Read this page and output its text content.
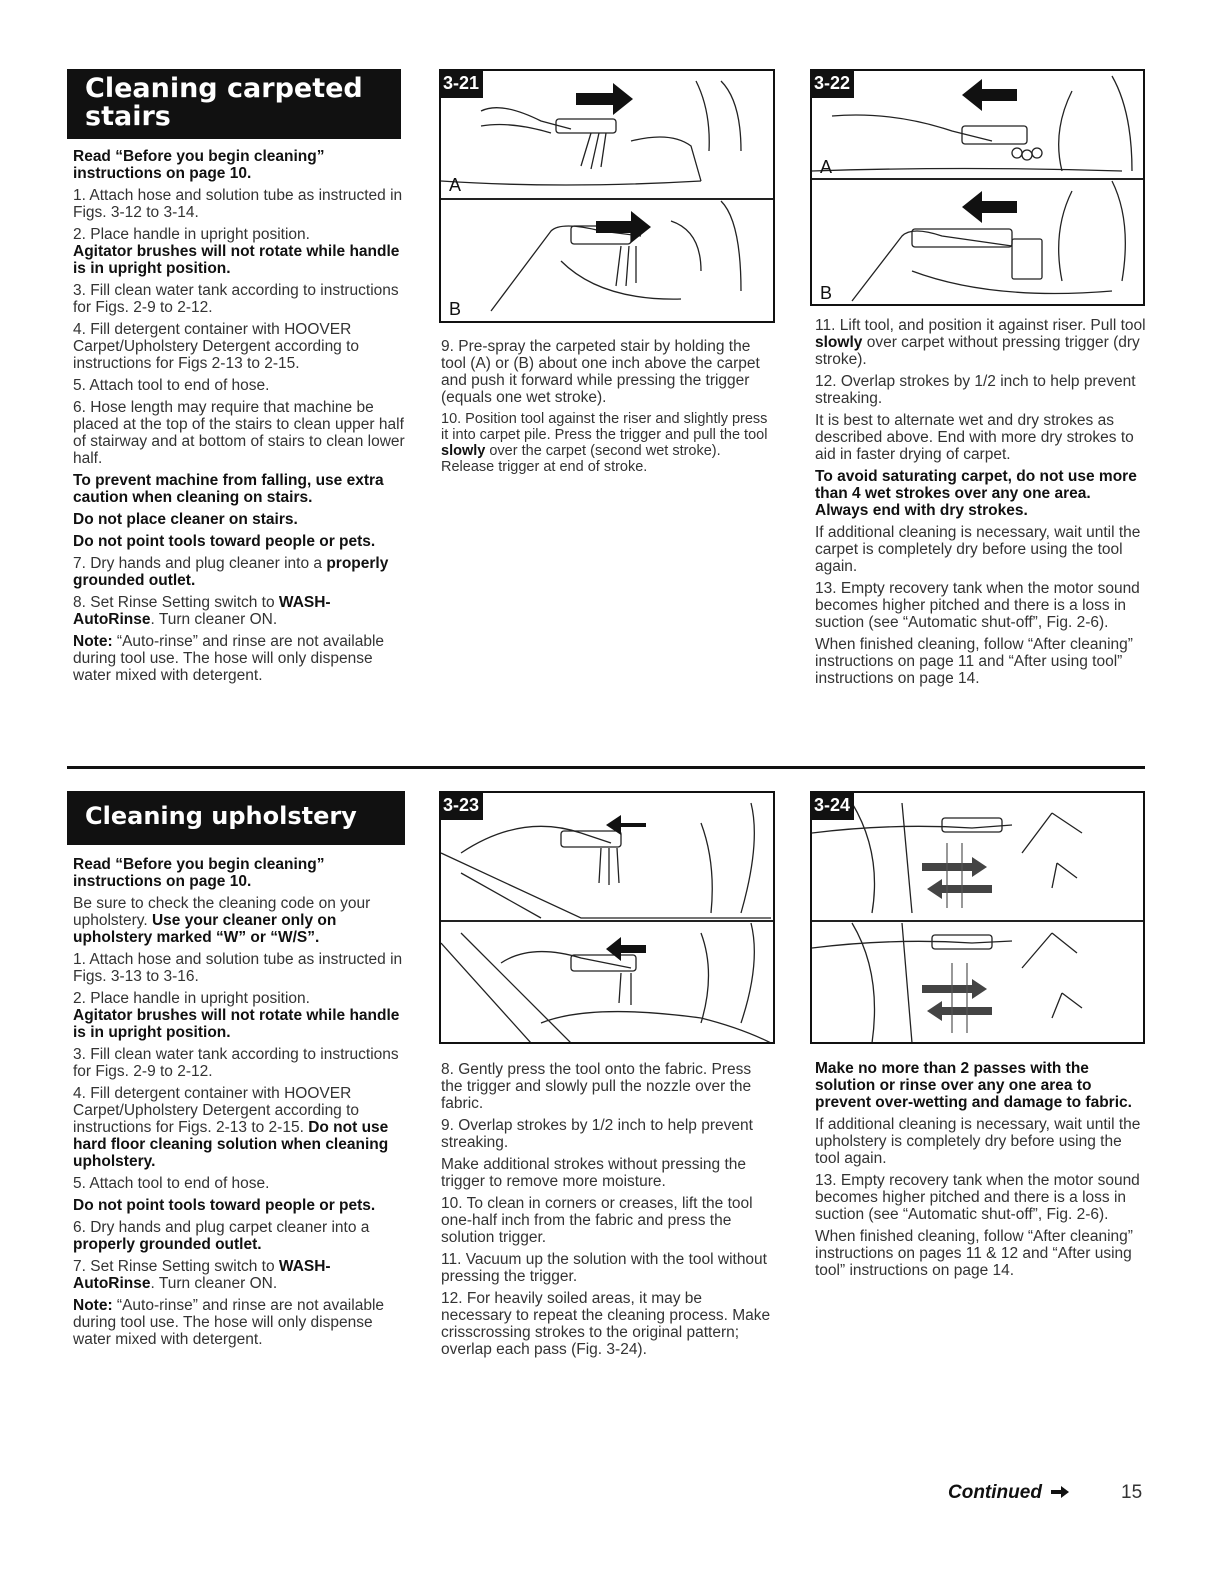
Cleaning carpeted
stairs

Read “Before you begin cleaning” instructions on page 10.

1. Attach hose and solution tube as instructed in Figs. 3-12 to 3-14.

2. Place handle in upright position.

Agitator brushes will not rotate while handle is in upright position.

3. Fill clean water tank according to instructions for Figs. 2-9 to 2-12.

4. Fill detergent container with HOOVER Carpet/Upholstery Detergent according to instructions for Figs 2-13 to 2-15.

5. Attach tool to end of hose.

6. Hose length may require that machine be placed at the top of the stairs to clean upper half of stairway and at bottom of stairs to clean lower half.

To prevent machine from falling, use extra caution when cleaning on stairs.

Do not place cleaner on stairs.

Do not point tools toward people or pets.

7. Dry hands and plug cleaner into a properly grounded outlet.

8. Set Rinse Setting switch to WASH-AutoRinse. Turn cleaner ON.

Note: “Auto-rinse” and rinse are not available during tool use. The hose will only dispense water mixed with detergent.

3-21
A
B

9. Pre-spray the carpeted stair by holding the tool (A) or (B) about one inch above the carpet and push it forward while pressing the trigger (equals one wet stroke).

10. Position tool against the riser and slightly press it into carpet pile. Press the trigger and pull the tool slowly over the carpet (second wet stroke). Release trigger at end of stroke.

3-22
A
B

11. Lift tool, and position it against riser. Pull tool slowly over carpet without pressing trigger (dry stroke).

12. Overlap strokes by 1/2 inch to help prevent streaking.

It is best to alternate wet and dry strokes as described above. End with more dry strokes to aid in faster drying of carpet.

To avoid saturating carpet, do not use more than 4 wet strokes over any one area. Always end with dry strokes.

If additional cleaning is necessary, wait until the carpet is completely dry before using the tool again.

13. Empty recovery tank when the motor sound becomes higher pitched and there is a loss in suction (see “Automatic shut-off”, Fig. 2-6).

When finished cleaning, follow “After cleaning” instructions on page 11 and “After using tool” instructions on page 14.

Cleaning upholstery

Read “Before you begin cleaning” instructions on page 10.

Be sure to check the cleaning code on your upholstery. Use your cleaner only on upholstery marked “W” or “W/S”.

1. Attach hose and solution tube as instructed in Figs. 3-13 to 3-16.

2. Place handle in upright position.

Agitator brushes will not rotate while handle is in upright position.

3. Fill clean water tank according to instructions for Figs. 2-9 to 2-12.

4. Fill detergent container with HOOVER Carpet/Upholstery Detergent according to instructions for Figs. 2-13 to 2-15. Do not use hard floor cleaning solution when cleaning upholstery.

5. Attach tool to end of hose.

Do not point tools toward people or pets.

6. Dry hands and plug carpet cleaner into a properly grounded outlet.

7. Set Rinse Setting switch to WASH-AutoRinse. Turn cleaner ON.

Note: “Auto-rinse” and rinse are not available during tool use. The hose will only dispense water mixed with detergent.

3-23

8. Gently press the tool onto the fabric. Press the trigger and slowly pull the nozzle over the fabric.

9. Overlap strokes by 1/2 inch to help prevent streaking.

Make additional strokes without pressing the trigger to remove more moisture.

10. To clean in corners or creases, lift the tool one-half inch from the fabric and press the solution trigger.

11. Vacuum up the solution with the tool without pressing the trigger.

12. For heavily soiled areas, it may be necessary to repeat the cleaning process. Make crisscrossing strokes to the original pattern; overlap each pass (Fig. 3-24).

3-24

Make no more than 2 passes with the solution or rinse over any one area to prevent over-wetting and damage to fabric.

If additional cleaning is necessary, wait until the upholstery is completely dry before using the tool again.

13. Empty recovery tank when the motor sound becomes higher pitched and there is a loss in suction (see “Automatic shut-off”, Fig. 2-6).

When finished cleaning, follow “After cleaning” instructions on pages 11 & 12 and “After using tool” instructions on page 14.

Continued	15
